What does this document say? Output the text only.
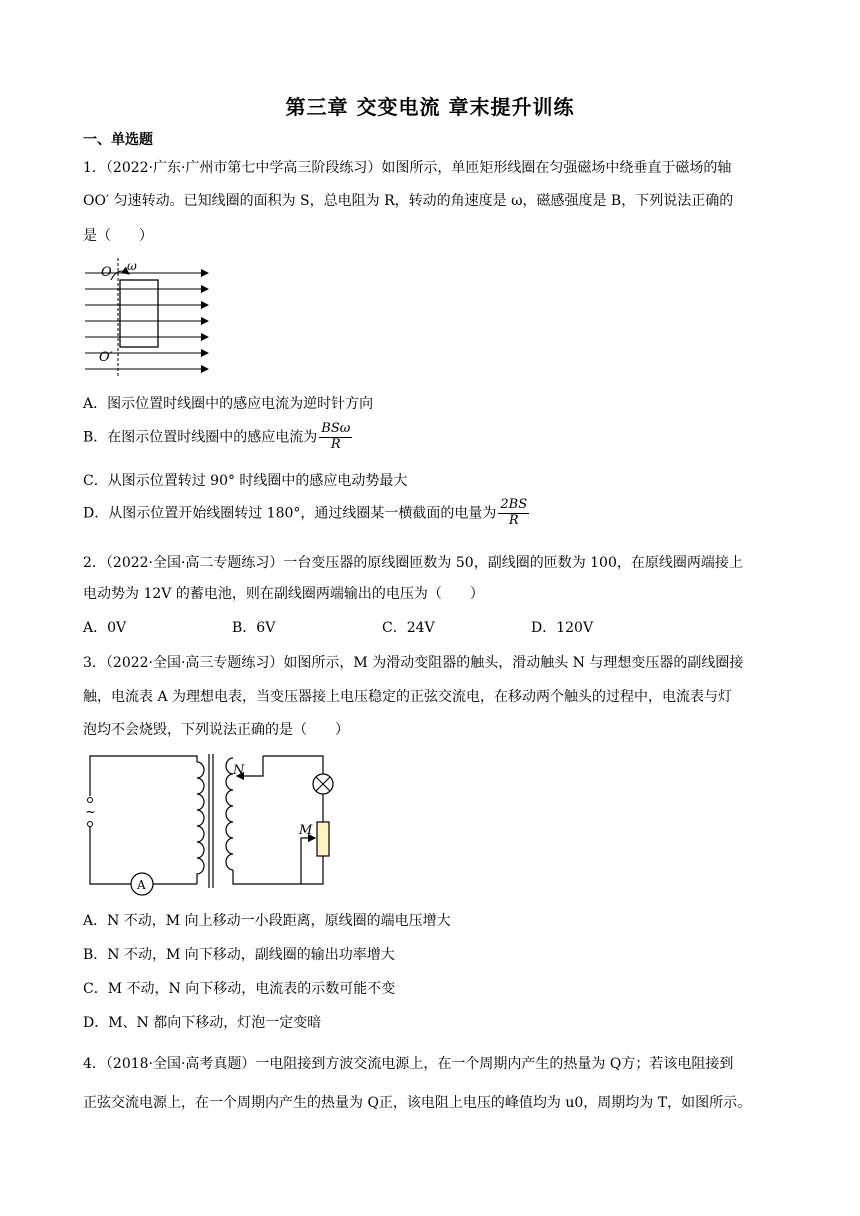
第三章 交变电流 章末提升训练
一、单选题
1．（2022·广东·广州市第七中学高三阶段练习）如图所示，单匝矩形线圈在匀强磁场中绕垂直于磁场的轴
OO′ 匀速转动。已知线圈的面积为 S，总电阻为 R，转动的角速度是 ω，磁感强度是 B，下列说法正确的
是（　　）
O ω
O′
A．图示位置时线圈中的感应电流为逆时针方向
B．在图示位置时线圈中的感应电流为 $\frac{\text{BSω}}{R}$
C．从图示位置转过 90° 时线圈中的感应电动势最大
D．从图示位置开始线圈转过 180°，通过线圈某一横截面的电量为 $\frac{2BS}{R}$
2．（2022·全国·高二专题练习）一台变压器的原线圈匝数为 50，副线圈的匝数为 100，在原线圈两端接上
电动势为 12V 的蓄电池，则在副线圈两端输出的电压为（　　）
A．0V	B．6V	C．24V	D．120V
3．（2022·全国·高三专题练习）如图所示，M 为滑动变阻器的触头，滑动触头 N 与理想变压器的副线圈接
触，电流表 A 为理想电表，当变压器接上电压稳定的正弦交流电，在移动两个触头的过程中，电流表与灯
泡均不会烧毁，下列说法正确的是（　　）
~
N
M
A
A．N 不动，M 向上移动一小段距离，原线圈的端电压增大
B．N 不动，M 向下移动，副线圈的输出功率增大
C．M 不动，N 向下移动，电流表的示数可能不变
D．M、N 都向下移动，灯泡一定变暗
4．（2018·全国·高考真题）一电阻接到方波交流电源上，在一个周期内产生的热量为 Q方；若该电阻接到
正弦交流电源上，在一个周期内产生的热量为 Q正，该电阻上电压的峰值均为 u0，周期均为 T，如图所示。
